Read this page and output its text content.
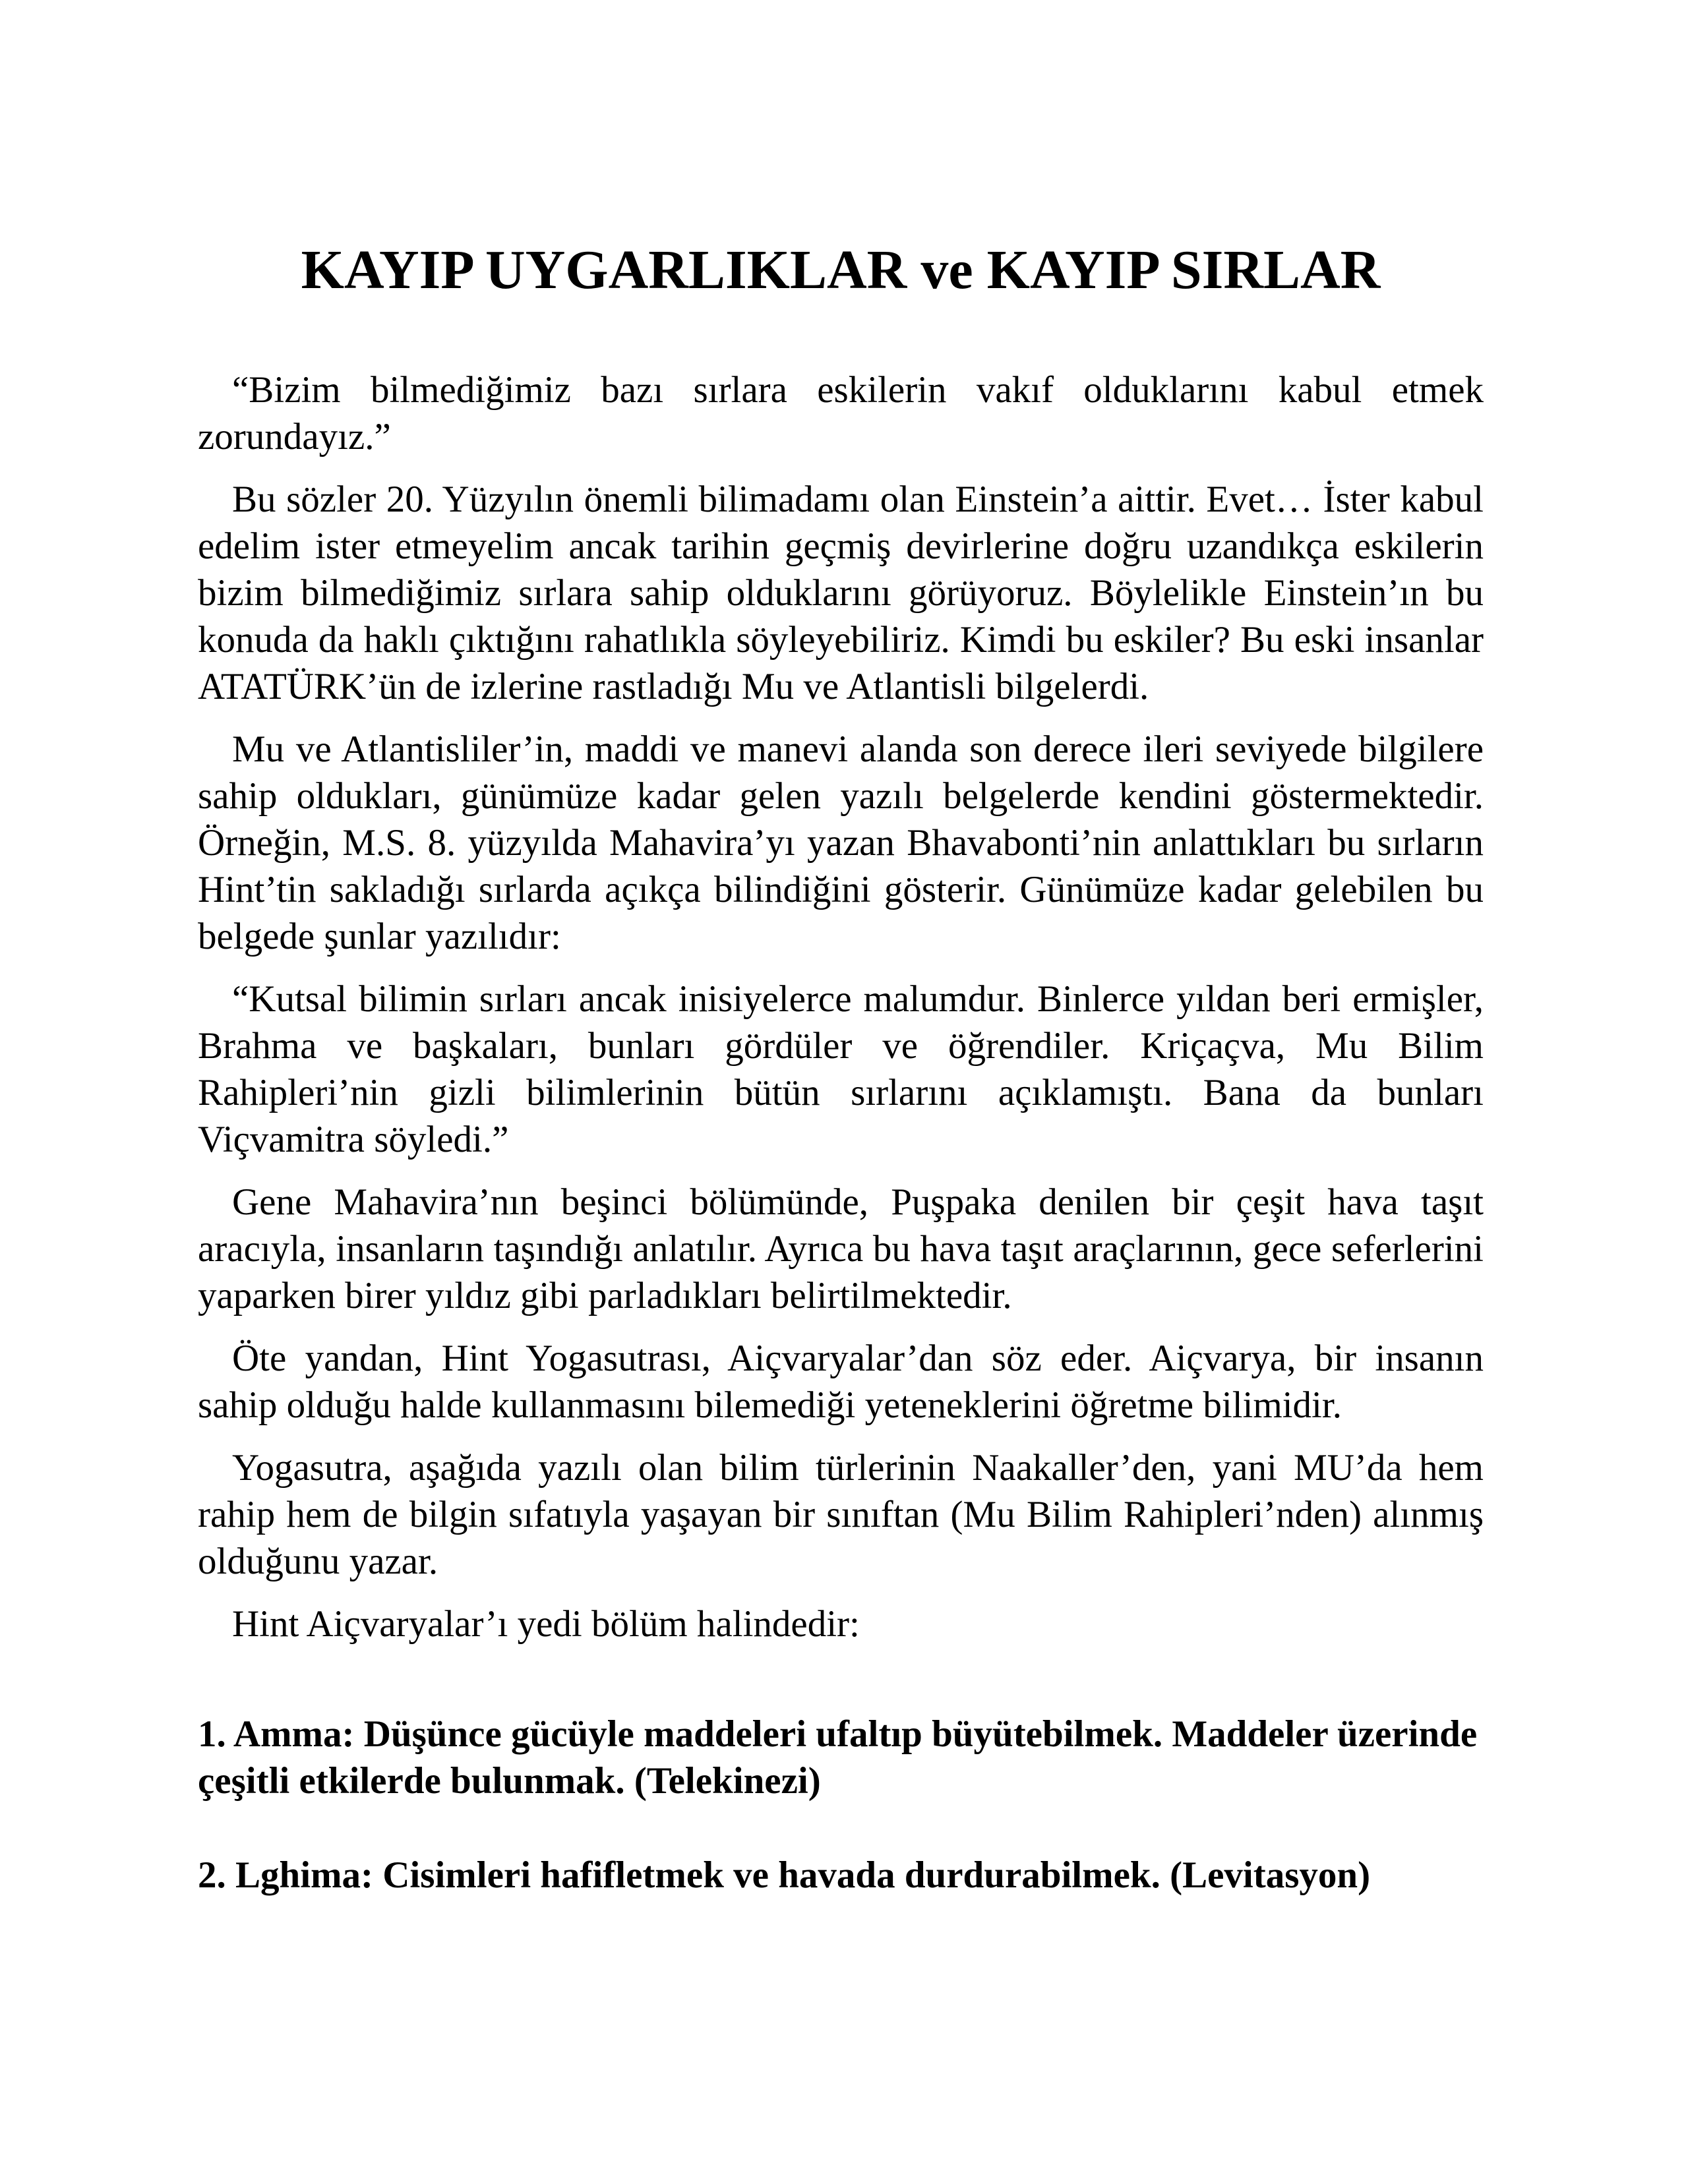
KAYIP UYGARLIKLAR ve KAYIP SIRLAR

“Bizim bilmediğimiz bazı sırlara eskilerin vakıf olduklarını kabul etmek zorundayız.”

Bu sözler 20. Yüzyılın önemli bilimadamı olan Einstein’a aittir. Evet… İster kabul edelim ister etmeyelim ancak tarihin geçmiş devirlerine doğru uzandıkça eskilerin bizim bilmediğimiz sırlara sahip olduklarını görüyoruz. Böylelikle Einstein’ın bu konuda da haklı çıktığını rahatlıkla söyleyebiliriz. Kimdi bu eskiler? Bu eski insanlar ATATÜRK’ün de izlerine rastladığı Mu ve Atlantisli bilgelerdi.

Mu ve Atlantisliler’in, maddi ve manevi alanda son derece ileri seviyede bilgilere sahip oldukları, günümüze kadar gelen yazılı belgelerde kendini göstermektedir. Örneğin, M.S. 8. yüzyılda Mahavira’yı yazan Bhavabonti’nin anlattıkları bu sırların Hint’tin sakladığı sırlarda açıkça bilindiğini gösterir. Günümüze kadar gelebilen bu belgede şunlar yazılıdır:

“Kutsal bilimin sırları ancak inisiyelerce malumdur. Binlerce yıldan beri ermişler, Brahma ve başkaları, bunları gördüler ve öğrendiler. Kriçaçva, Mu Bilim Rahipleri’nin gizli bilimlerinin bütün sırlarını açıklamıştı. Bana da bunları Viçvamitra söyledi.”

Gene Mahavira’nın beşinci bölümünde, Puşpaka denilen bir çeşit hava taşıt aracıyla, insanların taşındığı anlatılır. Ayrıca bu hava taşıt araçlarının, gece seferlerini yaparken birer yıldız gibi parladıkları belirtilmektedir.

Öte yandan, Hint Yogasutrası, Aiçvaryalar’dan söz eder. Aiçvarya, bir insanın sahip olduğu halde kullanmasını bilemediği yeteneklerini öğretme bilimidir.

Yogasutra, aşağıda yazılı olan bilim türlerinin Naakaller’den, yani MU’da hem rahip hem de bilgin sıfatıyla yaşayan bir sınıftan (Mu Bilim Rahipleri’nden) alınmış olduğunu yazar.

Hint Aiçvaryalar’ı yedi bölüm halindedir:

1. Amma: Düşünce gücüyle maddeleri ufaltıp büyütebilmek. Maddeler üzerinde çeşitli etkilerde bulunmak. (Telekinezi)

2. Lghima: Cisimleri hafifletmek ve havada durdurabilmek. (Levitasyon)
